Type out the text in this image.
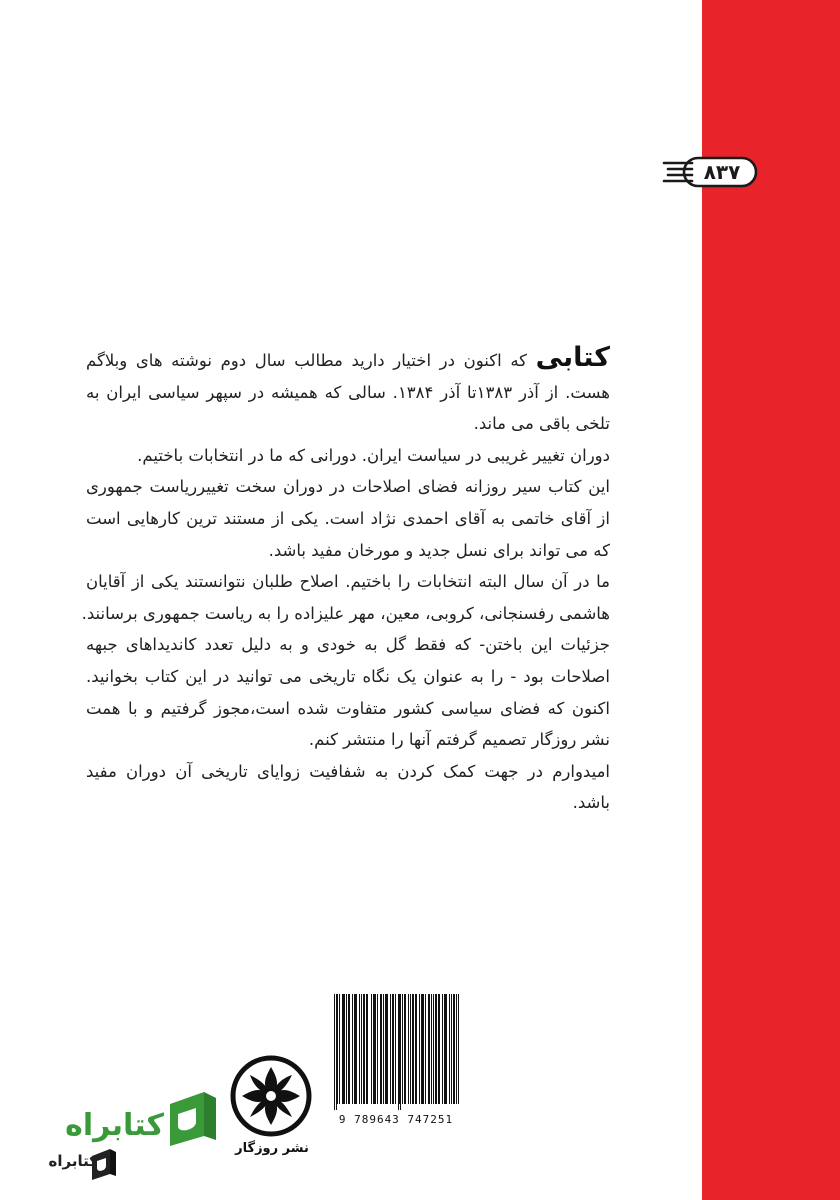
۸۳۷

کتابی که اکنون در اختیار دارید مطالب سال دوم نوشته های وبلاگم

هست. از آذر ۱۳۸۳تا آذر ۱۳۸۴. سالی که همیشه در سپهر سیاسی ایران به

تلخی باقی می ماند.

دوران تغییر غریبی در سیاست ایران. دورانی که ما در انتخابات باختیم.

این کتاب سیر روزانه فضای اصلاحات در دوران سخت تغییرریاست جمهوری

از آقای خاتمی به آقای احمدی نژاد است. یکی از مستند ترین کارهایی است

که می تواند برای نسل جدید و مورخان مفید باشد.

ما در آن سال البته انتخابات را باختیم. اصلاح طلبان نتوانستند یکی از آقایان

هاشمی رفسنجانی، کروبی، معین، مهر علیزاده را به ریاست جمهوری برسانند.

جزئیات این باختن- که فقط گل به خودی و به دلیل تعدد کاندیداهای جبهه

اصلاحات بود - را به عنوان یک نگاه تاریخی می توانید در این کتاب بخوانید.

اکنون که فضای سیاسی کشور متفاوت شده است،مجوز گرفتیم و با همت

نشر روزگار تصمیم گرفتم آنها را منتشر کنم.

امیدوارم در جهت کمک کردن به شفافیت زوایای تاریخی آن دوران مفید

باشد.

9 789643 747251
نشر روزگار
کتابراه
کتابراه
